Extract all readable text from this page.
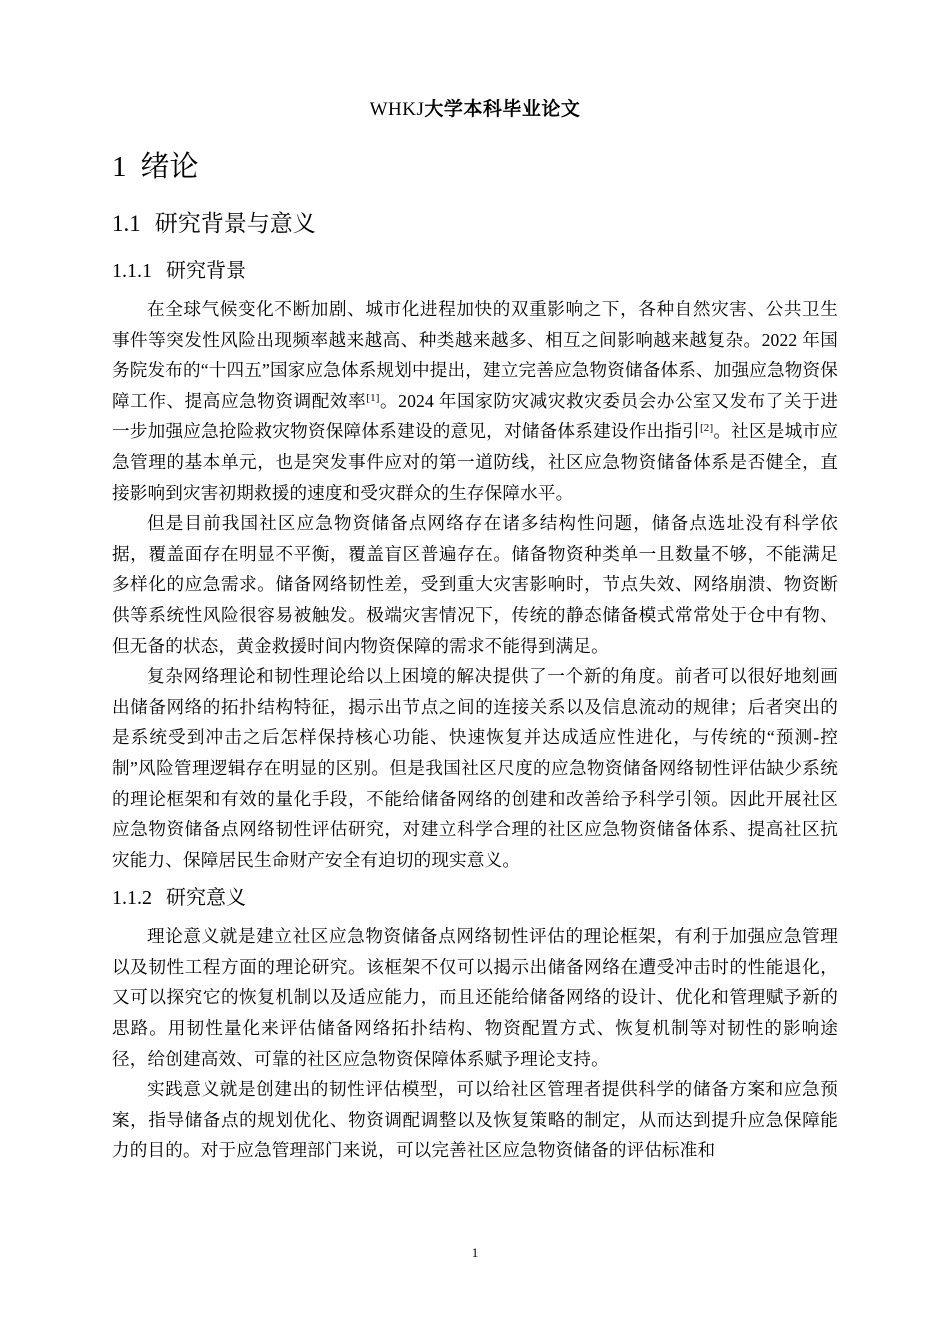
WHKJ大学本科毕业论文
1 绪论
1.1 研究背景与意义
1.1.1 研究背景

在全球气候变化不断加剧、城市化进程加快的双重影响之下，各种自然灾害、公共卫生事件等突发性风险出现频率越来越高、种类越来越多、相互之间影响越来越复杂。2022 年国务院发布的“十四五”国家应急体系规划中提出，建立完善应急物资储备体系、加强应急物资保障工作、提高应急物资调配效率[1]。2024 年国家防灾减灾救灾委员会办公室又发布了关于进一步加强应急抢险救灾物资保障体系建设的意见，对储备体系建设作出指引[2]。社区是城市应急管理的基本单元，也是突发事件应对的第一道防线，社区应急物资储备体系是否健全，直接影响到灾害初期救援的速度和受灾群众的生存保障水平。

但是目前我国社区应急物资储备点网络存在诸多结构性问题，储备点选址没有科学依据，覆盖面存在明显不平衡，覆盖盲区普遍存在。储备物资种类单一且数量不够，不能满足多样化的应急需求。储备网络韧性差，受到重大灾害影响时，节点失效、网络崩溃、物资断供等系统性风险很容易被触发。极端灾害情况下，传统的静态储备模式常常处于仓中有物、但无备的状态，黄金救援时间内物资保障的需求不能得到满足。

复杂网络理论和韧性理论给以上困境的解决提供了一个新的角度。前者可以很好地刻画出储备网络的拓扑结构特征，揭示出节点之间的连接关系以及信息流动的规律；后者突出的是系统受到冲击之后怎样保持核心功能、快速恢复并达成适应性进化，与传统的“预测-控制”风险管理逻辑存在明显的区别。但是我国社区尺度的应急物资储备网络韧性评估缺少系统的理论框架和有效的量化手段，不能给储备网络的创建和改善给予科学引领。因此开展社区应急物资储备点网络韧性评估研究，对建立科学合理的社区应急物资储备体系、提高社区抗灾能力、保障居民生命财产安全有迫切的现实意义。

1.1.2 研究意义

理论意义就是建立社区应急物资储备点网络韧性评估的理论框架，有利于加强应急管理以及韧性工程方面的理论研究。该框架不仅可以揭示出储备网络在遭受冲击时的性能退化，又可以探究它的恢复机制以及适应能力，而且还能给储备网络的设计、优化和管理赋予新的思路。用韧性量化来评估储备网络拓扑结构、物资配置方式、恢复机制等对韧性的影响途径，给创建高效、可靠的社区应急物资保障体系赋予理论支持。

实践意义就是创建出的韧性评估模型，可以给社区管理者提供科学的储备方案和应急预案，指导储备点的规划优化、物资调配调整以及恢复策略的制定，从而达到提升应急保障能力的目的。对于应急管理部门来说，可以完善社区应急物资储备的评估标准和

1
